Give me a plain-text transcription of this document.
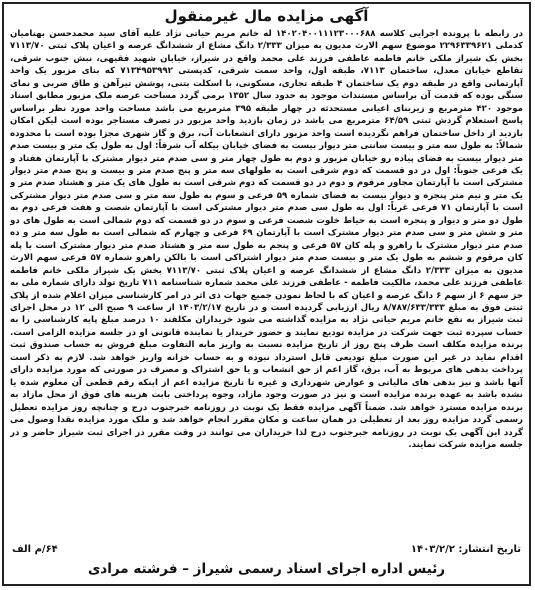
آگهی مزایده مال غیرمنقول
در رابطه با پرونده اجرایی کلاسه ۱۴۰۲۰۴۰۰۱۱۱۲۳۰۰۰۶۸۸ له خانم مریم حیاتی نژاد علیه آقای سید محمدحسن بهنامیان کدملی ۲۲۹۶۳۳۹۶۲۱ موضوع سهم الارث مدیون به میزان ۲/۳۳۳ دانگ مشاع از ششدانگ عرصه و اعیان پلاک ثبتی ۷۱۱۳/۷۰ بخش یک شیراز ملکی خانم فاطمه عاطفی فرزند علی محمد واقع در شیراز، خیابان شهید فقیهی، نبش جنوب شرقی، تقاطع خیابان معدل، ساختمان ۷۱۱۳، طبقه اول، واحد سمت شرقی، کدپستی ۷۱۳۴۹۵۳۹۹۲ که بنای مزبور یک واحد آپارتمانی واقع در طبقه دوم یک ساختمان ۴ طبقه تجاری، مسکونی، با اسکلت بتنی، پوشش تیرآهن و طاق ضربی و نمای سنگی بوده که قدمت آن براساس مستندات موجود به حدود سال ۱۳۵۲ برمی گردد مساحت عرصه ملک مزبور مطابق اسناد موجود ۴۲۰ مترمربع و زیربنای اعیانی مستحدثه در چهار طبقه ۳۹۵ مترمربع می باشد مساحت واحد مورد نظر براساس پاسخ استعلام گردش ثبتی ۶۴/۵۹ مترمربع می باشد در زمان بازدید واحد مزبور در تصرف مستاجر بوده است لیکن امکان بازدید از داخل ساختمان فراهم نگردیده است واحد مزبور دارای انشعابات آب، برق و گاز شهری مجزا بوده است با محدوده شمالاً: به طول سه متر و بیست سانتی متر دیوار بیست به فضای خیابان بیکله آب شرقاً: اول به طول یک متر و بیست صدم متر دیوار بیست به فضای پیاده رو خیابان مزبور و دوم به طول چهار متر و سی صدم متر دیوار مشترک با آپارتمان هفتاد و یک فرعی جنوباً: اول در دو قسمت که دوم شرقی است به طولهای سه متر و پنج صدم متر و بیست و پنج صدم متر دیوار مشترکی است با آپارتمان مجاور مرقوم و دوم در دو قسمت که دوم شرقی است به طول های یک متر و هشتاد صدم متر و یک متر و نیم متر پنجره و دیوار بیست به فضای شماره ۵۹ فرعی و سوم به طول سه متر و سی صدم متر دیوار مشترکی است با آپارتمان ۷۱ فرعی غرباً: اول به طول سی صدم متر دیوار مشترکی است با آپارتمان شصت و هفت فرعی دوم به طول دو متر و دیوار و پنجره است به حیاط خلوت شصت فرعی و سوم در دو قسمت که دوم شمالی است به طول های دو متر و شش متر و سی صدم متر دیوار مشترک است با آپارتمان ۶۹ فرعی و چهارم که شمالی است به طول سه متر و ده صدم متر دیوار مشترک با راهرو و پله کان ۵۷ فرعی و پنجم به طول سه متر و هشتاد صدم متر دیوار مشترک است با پله کان مرقوم و ششم به طول یک متر و بیست صدم متر دیوار اشتراکی است با بالکن راهرو شماره ۵۷ فرعی سهم الارث مدیون به میزان ۲/۳۳۳ دانگ مشاع از ششدانگ عرصه و اعیان پلاک ثبتی ۷۱۱۳/۷۰ بخش یک شیراز ملکی خانم فاطمه عاطفی فرزند علی محمد، مالکیت فاطمه - عاطفی فرزند علی محمد شماره شناسنامه ۷۱۱ تاریخ تولد دارای شماره ملی به جز سهم ۶ از سهم ۶ دانگ عرصه و اعیان که با لحاظ نمودن جمیع جهات ذی اثر در امر کارشناسی میزان اعلام شده از پلاک ثبتی فوق به مبلغ ۸/۷۸۷/۶۳۳/۳۳۳ ریال ارزیابی گردیده است و در تاریخ ۱۴۰۳/۲/۱۷ از ساعت ۹ صبح الی ۱۲ در محل اجرای ثبت شیراز به نفع خانم مریم حیاتی نژاد به مزایده گذاشته می شود خریداران مکلفند ۱۰ درصد مبلغ پایه کارشناسی را به حساب سپرده ثبت جهت شرکت در مزایده تودیع نمایند و حضور خریدار یا نماینده قانونی او در جلسه مزایده الزامی است. برنده مزایده مکلف است ظرف پنج روز از تاریخ مزایده نسبت به واریز مابه التفاوت مبلغ فروش به حساب صندوق ثبت اقدام نماید در غیر این صورت مبلغ تودیعی قابل استرداد نبوده و به حساب خزانه واریز خواهد شد. لازم به ذکر است پرداخت بدهی های مربوط به آب، برق، گاز اعم از حق انشعاب و یا حق اشتراک و مصرف در صورتی که مورد مزایده دارای آنها باشد و نیز بدهی های مالیاتی و عوارض شهرداری و غیره تا تاریخ مزایده اعم از اینکه رقم قطعی آن معلوم شده یا نشده باشد به عهده برنده مزایده است و نیز در صورت وجود مازاد، وجوه پرداختی بابت هزینه های فوق از محل مازاد به برنده مزایده مسترد خواهد شد. ضمناً آگهی مزایده فقط یک نوبت در روزنامه خبرجنوب درج و چنانچه روز مزایده تعطیل رسمی گردد مزایده روز بعد از تعطیلی در همان ساعت و مکان مقرر انجام خواهد شد و ملک مورد مزایده نقدا وصول می گردد این آگهی یک نوبت در روزنامه خبرجنوب درج لذا خریداران می توانند در وقت مقرر در اجرای ثبت شیراز حاضر و در جلسه مزایده شرکت نمایند.
تاریخ انتشار: ۱۴۰۳/۲/۲
۶۴/م الف
رئیس اداره اجرای اسناد رسمی شیراز – فرشته مرادی
